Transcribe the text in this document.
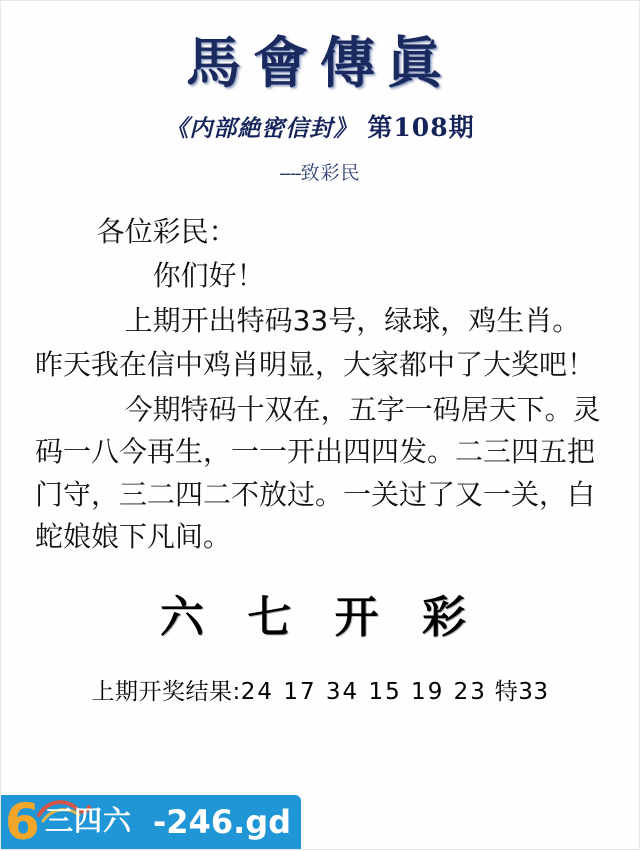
馬會傳眞
《内部絶密信封》 第108期
----致彩民

各位彩民：

你们好！

上期开出特码33号，绿球，鸡生肖。

昨天我在信中鸡肖明显，大家都中了大奖吧！

今期特码十双在，五字一码居天下。灵码一八今再生，一一开出四四发。二三四五把门守，三二四二不放过。一关过了又一关，白蛇娘娘下凡间。

六 七 开 彩
上期开奖结果:24 17 34 15 19 23 特33
6 三四六 -246.gd
